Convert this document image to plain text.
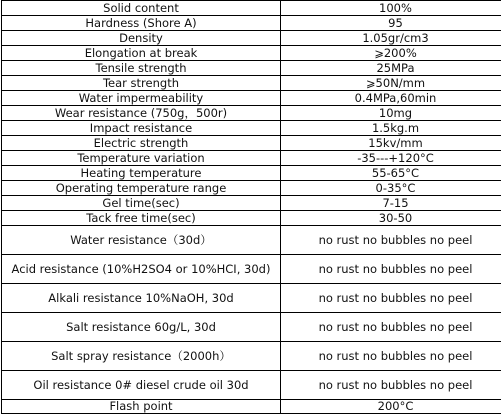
Solid content	100%
Hardness (Shore A)	95
Density	1.05gr/cm3
Elongation at break	⩾200%
Tensile strength	25MPa
Tear strength	⩾50N/mm
Water impermeability	0.4MPa,60min
Wear resistance (750g，500r)	10mg
Impact resistance	1.5kg.m
Electric strength	15kv/mm
Temperature variation	-35---+120°C
Heating temperature	55-65°C
Operating temperature range	0-35°C
Gel time(sec)	7-15
Tack free time(sec)	30-50
Water resistance（30d）	no rust no bubbles no peel
Acid resistance (10%H2SO4 or 10%HCI, 30d)	no rust no bubbles no peel
Alkali resistance 10%NaOH, 30d	no rust no bubbles no peel
Salt resistance 60g/L, 30d	no rust no bubbles no peel
Salt spray resistance（2000h）	no rust no bubbles no peel
Oil resistance 0# diesel crude oil 30d	no rust no bubbles no peel
Flash point	200°C
